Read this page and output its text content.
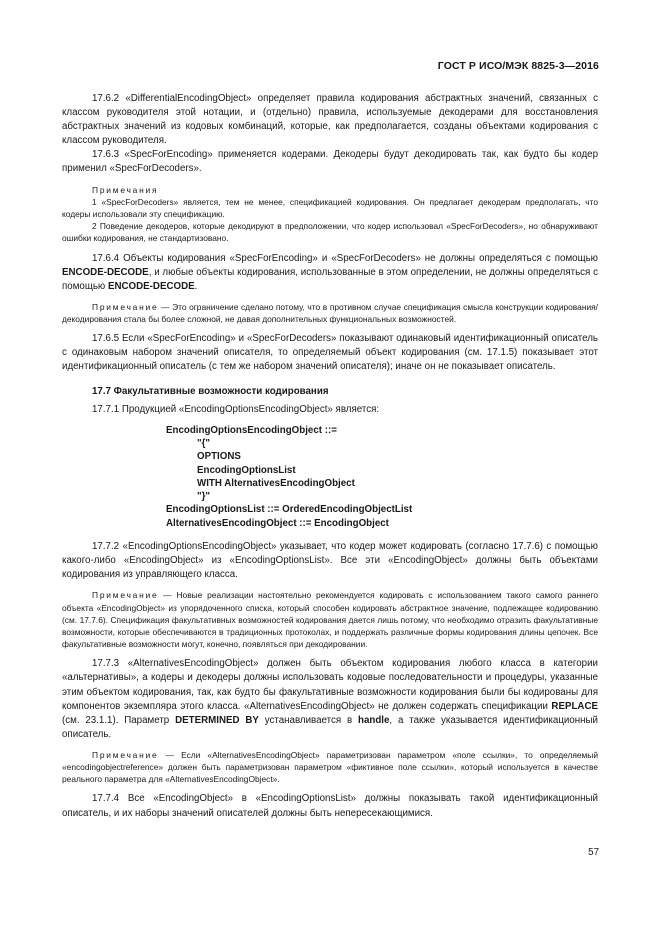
ГОСТ Р ИСО/МЭК 8825-3—2016

17.6.2 «DifferentialEncodingObject» определяет правила кодирования абстрактных значений, связанных с классом руководителя этой нотации, и (отдельно) правила, используемые декодерами для восстановления абстрактных значений из кодовых комбинаций, которые, как предполагается, созданы объектами кодирования с классом руководителя.

17.6.3 «SpecForEncoding» применяется кодерами. Декодеры будут декодировать так, как будто бы кодер применил «SpecForDecoders».

Примечания

1 «SpecForDecoders» является, тем не менее, спецификацией кодирования. Он предлагает декодерам предполагать, что кодеры использовали эту спецификацию.

2 Поведение декодеров, которые декодируют в предположении, что кодер использовал «SpecForDecoders», но обнаруживают ошибки кодирования, не стандартизовано.

17.6.4 Объекты кодирования «SpecForEncoding» и «SpecForDecoders» не должны определяться с помощью ENCODE-DECODE, и любые объекты кодирования, использованные в этом определении, не должны определяться с помощью ENCODE-DECODE.

Примечание — Это ограничение сделано потому, что в противном случае спецификация смысла конструкции кодирования/декодирования стала бы более сложной, не давая дополнительных функциональных возможностей.

17.6.5 Если «SpecForEncoding» и «SpecForDecoders» показывают одинаковый идентификационный описатель с одинаковым набором значений описателя, то определяемый объект кодирования (см. 17.1.5) показывает этот идентификационный описатель (с тем же набором значений описателя); иначе он не показывает описатель.

17.7 Факультативные возможности кодирования

17.7.1 Продукцией «EncodingOptionsEncodingObject» является:

EncodingOptionsEncodingObject ::=
"{"
OPTIONS
EncodingOptionsList
WITH AlternativesEncodingObject
"}"
EncodingOptionsList ::= OrderedEncodingObjectList
AlternativesEncodingObject ::= EncodingObject

17.7.2 «EncodingOptionsEncodingObject» указывает, что кодер может кодировать (согласно 17.7.6) с помощью какого-либо «EncodingObject» из «EncodingOptionsList». Все эти «EncodingObject» должны быть объектами кодирования из управляющего класса.

Примечание — Новые реализации настоятельно рекомендуется кодировать с использованием такого самого раннего объекта «EncodingObject» из упорядоченного списка, который способен кодировать абстрактное значение, подлежащее кодированию (см. 17.7.6). Спецификация факультативных возможностей кодирования дается лишь потому, что необходимо отразить факультативные возможности, которые обеспечиваются в традиционных протоколах, и поддержать различные формы кодирования длины цепочек. Все факультативные возможности могут, конечно, появляться при декодировании.

17.7.3 «AlternativesEncodingObject» должен быть объектом кодирования любого класса в категории «альтернативы», а кодеры и декодеры должны использовать кодовые последовательности и процедуры, указанные этим объектом кодирования, так, как будто бы факультативные возможности кодирования были бы кодированы для компонентов экземпляра этого класса. «AlternativesEncodingObject» не должен содержать спецификации REPLACE (см. 23.1.1). Параметр DETERMINED BY устанавливается в handle, а также указывается идентификационный описатель.

Примечание — Если «AlternativesEncodingObject» параметризован параметром «поле ссылки», то определяемый «encodingobjectreference» должен быть параметризован параметром «фиктивное поле ссылки», который используется в качестве реального параметра для «AlternativesEncodingObject».

17.7.4 Все «EncodingObject» в «EncodingOptionsList» должны показывать такой идентификационный описатель, и их наборы значений описателей должны быть непересекающимися.

57
